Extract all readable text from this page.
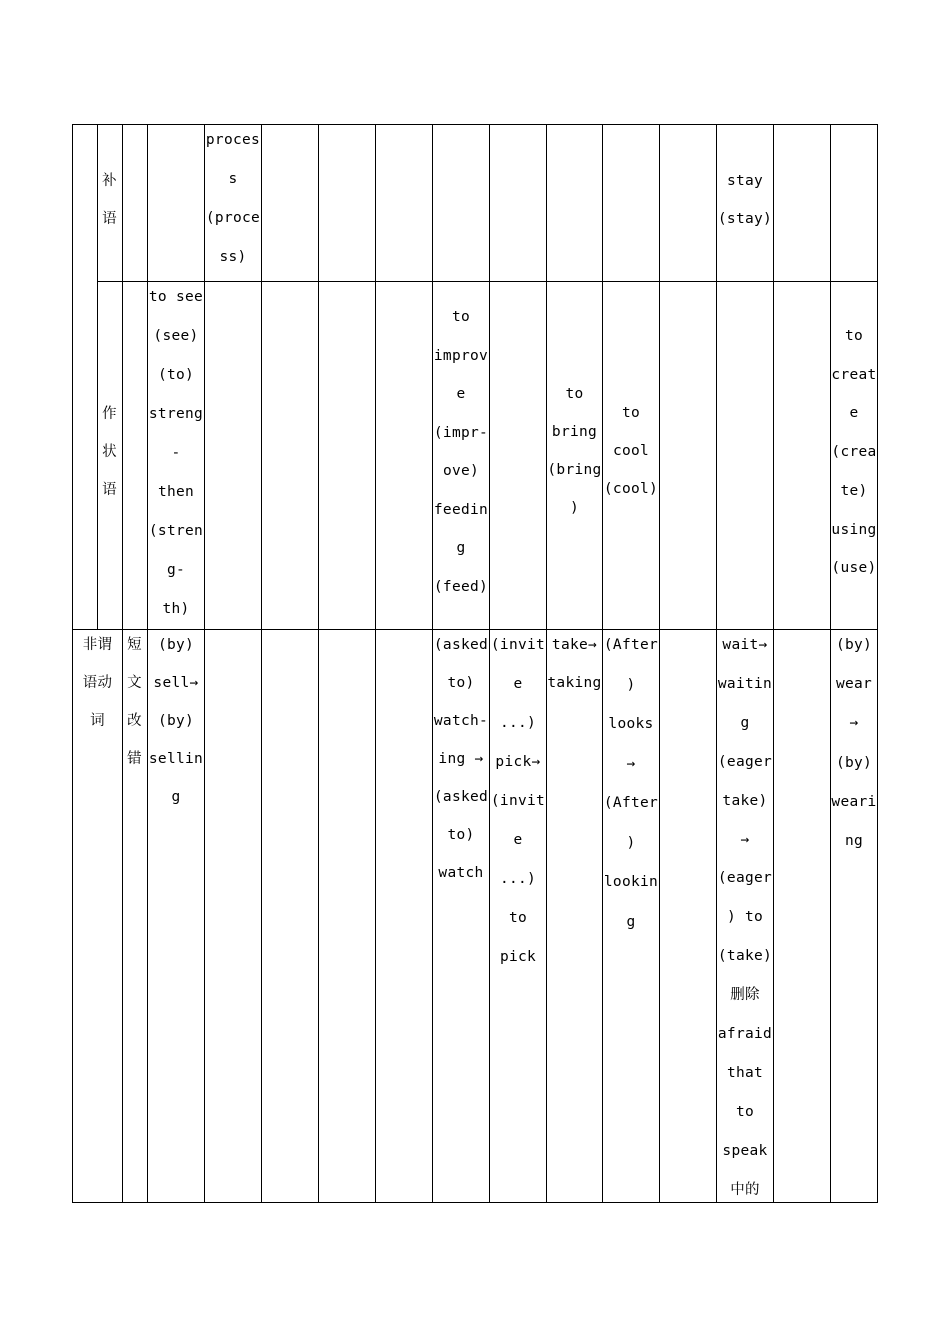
补
语
proces
s
(proce
ss)
stay
(stay)
作
状
语
to see
(see)
(to)
streng
-
then
(stren
g-
th)
to
improv
e
(impr-
ove)
feedin
g
(feed)
to
bring
(bring
)
to
cool
(cool)
to
creat
e
(crea
te)
using
(use)
非谓
语动
词
短
文
改
错
(by)
sell→
(by)
sellin
g
(asked
to)
watch-
ing →
(asked
to)
watch
(invit
e
...)
pick→
(invit
e
...)
to
pick
take→
taking
(After
)
looks
→
(After
)
lookin
g
wait→
waitin
g
(eager
take)
→
(eager
) to
(take)
删除
afraid
that
to
speak
中的
(by)
wear
→
(by)
weari
ng
